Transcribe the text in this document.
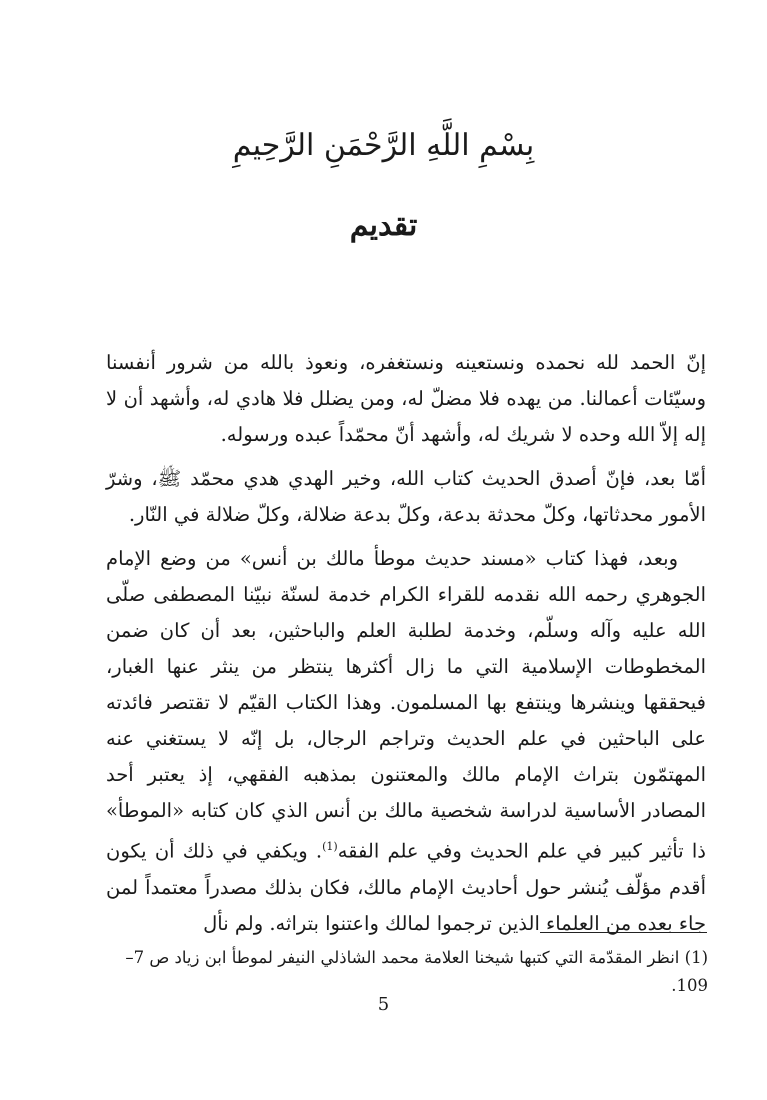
بِسْمِ اللَّهِ الرَّحْمَنِ الرَّحِيمِ
تقديم

إنّ الحمد لله نحمده ونستعينه ونستغفره، ونعوذ بالله من شرور أنفسنا وسيّئات أعمالنا. من يهده فلا مضلّ له، ومن يضلل فلا هادي له، وأشهد أن لا إله إلاّ الله وحده لا شريك له، وأشهد أنّ محمّداً عبده ورسوله.

أمّا بعد، فإنّ أصدق الحديث كتاب الله، وخير الهدي هدي محمّد ﷺ، وشرّ الأمور محدثاتها، وكلّ محدثة بدعة، وكلّ بدعة ضلالة، وكلّ ضلالة في النّار.

وبعد، فهذا كتاب «مسند حديث موطأ مالك بن أنس» من وضع الإمام الجوهري رحمه الله نقدمه للقراء الكرام خدمة لسنّة نبيّنا المصطفى صلّى الله عليه وآله وسلّم، وخدمة لطلبة العلم والباحثين، بعد أن كان ضمن المخطوطات الإسلامية التي ما زال أكثرها ينتظر من ينثر عنها الغبار، فيحققها وينشرها وينتفع بها المسلمون. وهذا الكتاب القيّم لا تقتصر فائدته على الباحثين في علم الحديث وتراجم الرجال، بل إنّه لا يستغني عنه المهتمّون بتراث الإمام مالك والمعتنون بمذهبه الفقهي، إذ يعتبر أحد المصادر الأساسية لدراسة شخصية مالك بن أنس الذي كان كتابه «الموطأ» ذا تأثير كبير في علم الحديث وفي علم الفقه$^{(1)}$. ويكفي في ذلك أن يكون أقدم مؤلّف يُنشر حول أحاديث الإمام مالك، فكان بذلك مصدراً معتمداً لمن جاء بعده من العلماء الذين ترجموا لمالك واعتنوا بتراثه. ولم نأل

(1) انظر المقدّمة التي كتبها شيخنا العلامة محمد الشاذلي النيفر لموطأ ابن زياد ص 7–109.
5
